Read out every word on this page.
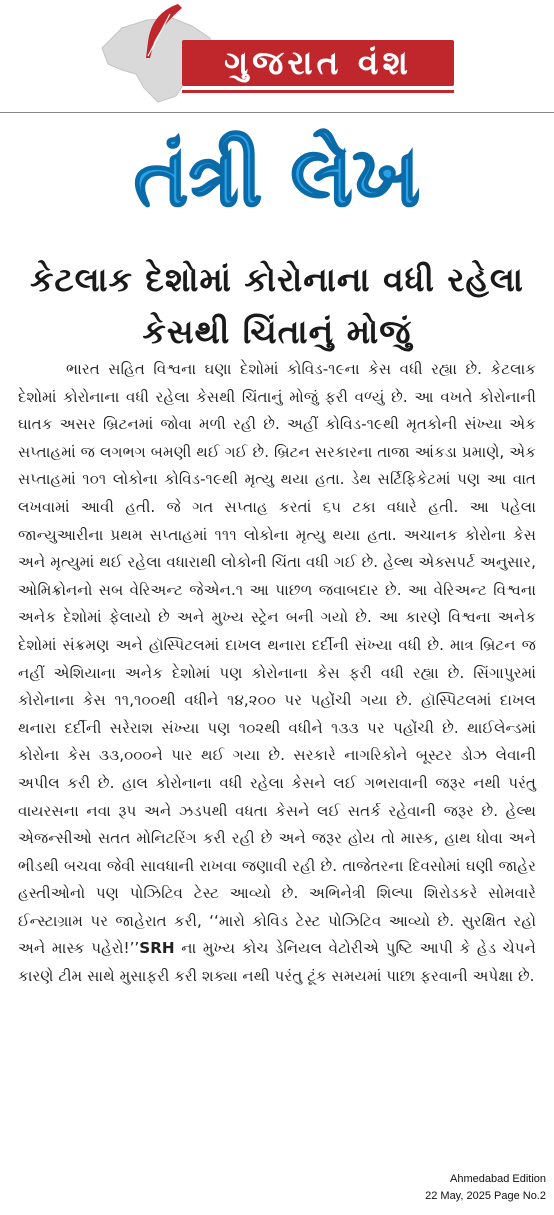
ગુજરાત વંશ
તંત્રી લેખ
કેટલાક દેશોમાં કોરોનાના વધી રહેલા કેસથી ચિંતાનું મોજું

ભારત સહિત વિશ્વના ઘણા દેશોમાં કોવિડ-૧૯ના કેસ વધી રહ્યા છે. કેટલાક દેશોમાં કોરોનાના વધી રહેલા કેસથી ચિંતાનું મોજું ફરી વળ્યું છે. આ વખતે કોરોનાની ઘાતક અસર બ્રિટનમાં જોવા મળી રહી છે. અહીં કોવિડ-૧૯થી મૃતકોની સંખ્યા એક સપ્તાહમાં જ લગભગ બમણી થઈ ગઈ છે. બ્રિટન સરકારના તાજા આંકડા પ્રમાણે, એક સપ્તાહમાં ૧૦૧ લોકોના કોવિડ-૧૯થી મૃત્યુ થયા હતા. ડેથ સર્ટિફિકેટમાં પણ આ વાત લખવામાં આવી હતી. જે ગત સપ્તાહ કરતાં ૬૫ ટકા વધારે હતી. આ પહેલા જાન્યુઆરીના પ્રથમ સપ્તાહમાં ૧૧૧ લોકોના મૃત્યુ થયા હતા. અચાનક કોરોના કેસ અને મૃત્યુમાં થઈ રહેલા વધારાથી લોકોની ચિંતા વધી ગઈ છે. હેલ્થ એક્સપર્ટ અનુસાર, ઓમિક્રોનનો સબ વેરિઅન્ટ જેએન.૧ આ પાછળ જવાબદાર છે. આ વેરિઅન્ટ વિશ્વના અનેક દેશોમાં ફેલાયો છે અને મુખ્ય સ્ટ્રેન બની ગયો છે. આ કારણે વિશ્વના અનેક દેશોમાં સંક્રમણ અને હૉસ્પિટલમાં દાખલ થનારા દર્દીની સંખ્યા વધી છે. માત્ર બ્રિટન જ નહીં એશિયાના અનેક દેશોમાં પણ કોરોનાના કેસ ફરી વધી રહ્યા છે. સિંગાપુરમાં કોરોનાના કેસ ૧૧,૧૦૦થી વધીને ૧૪,૨૦૦ પર પહોંચી ગયા છે. હૉસ્પિટલમાં દાખલ થનારા દર્દીની સરેરાશ સંખ્યા પણ ૧૦૨થી વધીને ૧૩૩ પર પહોંચી છે. થાઈલેન્ડમાં કોરોના કેસ ૩૩,૦૦૦ને પાર થઈ ગયા છે. સરકારે નાગરિકોને બૂસ્ટર ડોઝ લેવાની અપીલ કરી છે. હાલ કોરોનાના વધી રહેલા કેસને લઈ ગભરાવાની જરૂર નથી પરંતુ વાયરસના નવા રૂપ અને ઝડપથી વધતા કેસને લઈ સતર્ક રહેવાની જરૂર છે. હેલ્થ એજન્સીઓ સતત મોનિટરિંગ કરી રહી છે અને જરૂર હોય તો માસ્ક, હાથ ધોવા અને ભીડથી બચવા જેવી સાવધાની રાખવા જણાવી રહી છે. તાજેતરના દિવસોમાં ઘણી જાહેર હસ્તીઓનો પણ પોઝિટિવ ટેસ્ટ આવ્યો છે. અભિનેત્રી શિલ્પા શિરોડકરે સોમવારે ઈન્સ્ટાગ્રામ પર જાહેરાત કરી, ‘‘મારો કોવિડ ટેસ્ટ પોઝિટિવ આવ્યો છે. સુરક્ષિત રહો અને માસ્ક પહેરો!’’SRH ના મુખ્ય કોચ ડેનિયલ વેટોરીએ પુષ્ટિ આપી કે હેડ ચેપને કારણે ટીમ સાથે મુસાફરી કરી શક્યા નથી પરંતુ ટૂંક સમયમાં પાછા ફરવાની અપેક્ષા છે.

Ahmedabad Edition
22 May, 2025 Page No.2
